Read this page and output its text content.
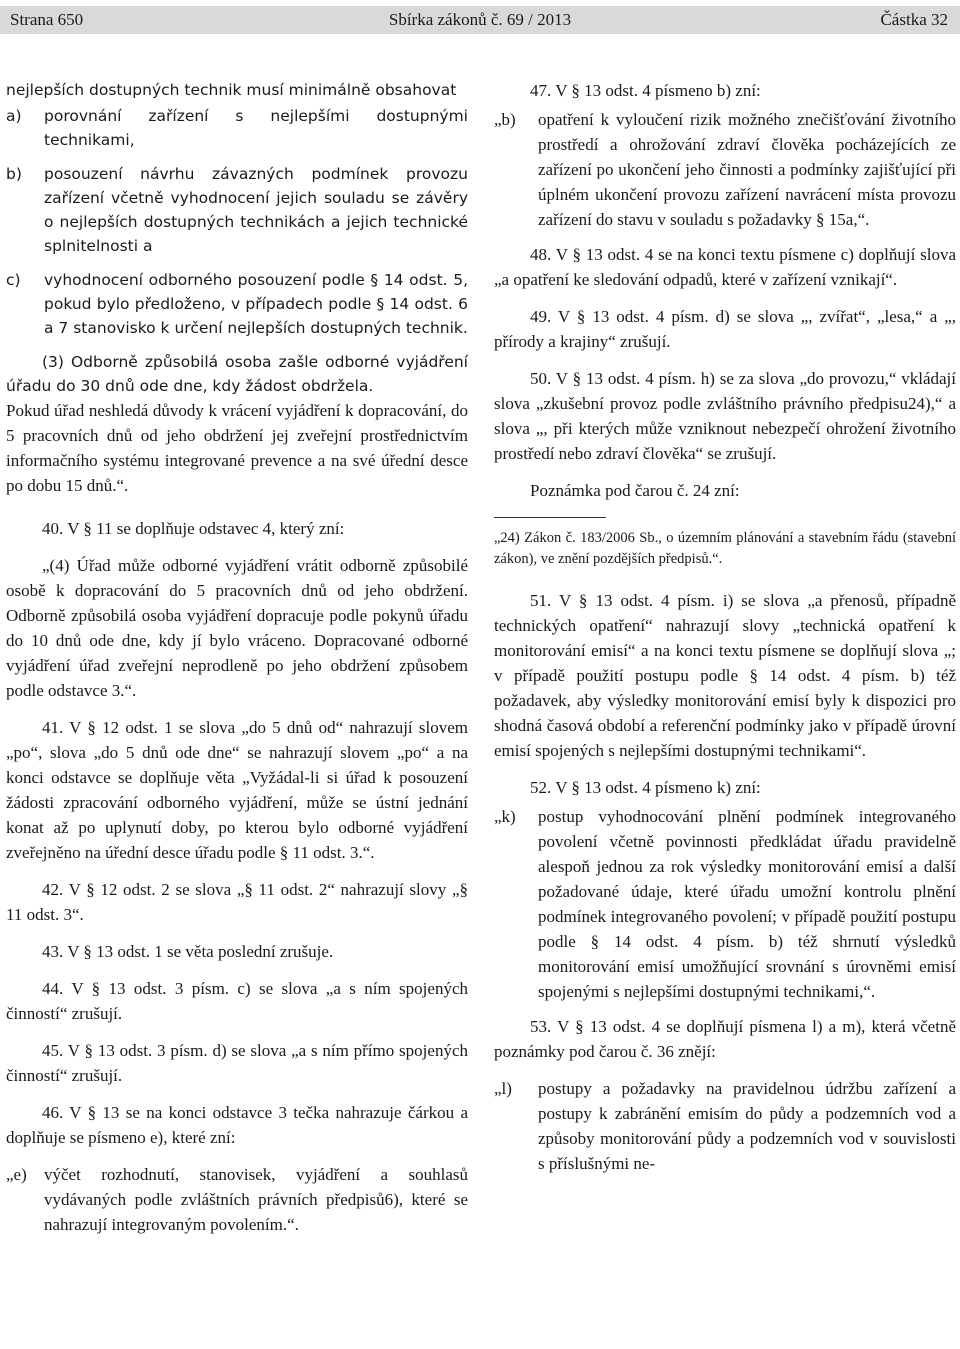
Strana 650	Sbírka zákonů č. 69 / 2013	Částka 32

nejlepších dostupných technik musí minimálně obsahovat

a) porovnání zařízení s nejlepšími dostupnými technikami,
b) posouzení návrhu závazných podmínek provozu zařízení včetně vyhodnocení jejich souladu se závěry o nejlepších dostupných technikách a jejich technické splnitelnosti a
c) vyhodnocení odborného posouzení podle § 14 odst. 5, pokud bylo předloženo, v případech podle § 14 odst. 6 a 7 stanovisko k určení nejlepších dostupných technik.

(3) Odborně způsobilá osoba zašle odborné vyjádření úřadu do 30 dnů ode dne, kdy žádost obdržela.

Pokud úřad neshledá důvody k vrácení vyjádření k dopracování, do 5 pracovních dnů od jeho obdržení jej zveřejní prostřednictvím informačního systému integrované prevence a na své úřední desce po dobu 15 dnů.“.

40. V § 11 se doplňuje odstavec 4, který zní:

„(4) Úřad může odborné vyjádření vrátit odborně způsobilé osobě k dopracování do 5 pracovních dnů od jeho obdržení. Odborně způsobilá osoba vyjádření dopracuje podle pokynů úřadu do 10 dnů ode dne, kdy jí bylo vráceno. Dopracované odborné vyjádření úřad zveřejní neprodleně po jeho obdržení způsobem podle odstavce 3.“.

41. V § 12 odst. 1 se slova „do 5 dnů od“ nahrazují slovem „po“, slova „do 5 dnů ode dne“ se nahrazují slovem „po“ a na konci odstavce se doplňuje věta „Vyžádal-li si úřad k posouzení žádosti zpracování odborného vyjádření, může se ústní jednání konat až po uplynutí doby, po kterou bylo odborné vyjádření zveřejněno na úřední desce úřadu podle § 11 odst. 3.“.

42. V § 12 odst. 2 se slova „§ 11 odst. 2“ nahrazují slovy „§ 11 odst. 3“.

43. V § 13 odst. 1 se věta poslední zrušuje.

44. V § 13 odst. 3 písm. c) se slova „a s ním spojených činností“ zrušují.

45. V § 13 odst. 3 písm. d) se slova „a s ním přímo spojených činností“ zrušují.

46. V § 13 se na konci odstavce 3 tečka nahrazuje čárkou a doplňuje se písmeno e), které zní:

„e) výčet rozhodnutí, stanovisek, vyjádření a souhlasů vydávaných podle zvláštních právních předpisů6), které se nahrazují integrovaným povolením.“.

47. V § 13 odst. 4 písmeno b) zní:

„b) opatření k vyloučení rizik možného znečišťování životního prostředí a ohrožování zdraví člověka pocházejících ze zařízení po ukončení jeho činnosti a podmínky zajišťující při úplném ukončení provozu zařízení navrácení místa provozu zařízení do stavu v souladu s požadavky § 15a,“.

48. V § 13 odst. 4 se na konci textu písmene c) doplňují slova „a opatření ke sledování odpadů, které v zařízení vznikají“.

49. V § 13 odst. 4 písm. d) se slova „, zvířat“, „lesa,“ a „, přírody a krajiny“ zrušují.

50. V § 13 odst. 4 písm. h) se za slova „do provozu,“ vkládají slova „zkušební provoz podle zvláštního právního předpisu24),“ a slova „, při kterých může vzniknout nebezpečí ohrožení životního prostředí nebo zdraví člověka“ se zrušují.

Poznámka pod čarou č. 24 zní:

„24) Zákon č. 183/2006 Sb., o územním plánování a stavebním řádu (stavební zákon), ve znění pozdějších předpisů.“.

51. V § 13 odst. 4 písm. i) se slova „a přenosů, případně technických opatření“ nahrazují slovy „technická opatření k monitorování emisí“ a na konci textu písmene se doplňují slova „; v případě použití postupu podle § 14 odst. 4 písm. b) též požadavek, aby výsledky monitorování emisí byly k dispozici pro shodná časová období a referenční podmínky jako v případě úrovní emisí spojených s nejlepšími dostupnými technikami“.

52. V § 13 odst. 4 písmeno k) zní:

„k) postup vyhodnocování plnění podmínek integrovaného povolení včetně povinnosti předkládat úřadu pravidelně alespoň jednou za rok výsledky monitorování emisí a další požadované údaje, které úřadu umožní kontrolu plnění podmínek integrovaného povolení; v případě použití postupu podle § 14 odst. 4 písm. b) též shrnutí výsledků monitorování emisí umožňující srovnání s úrovněmi emisí spojenými s nejlepšími dostupnými technikami,“.

53. V § 13 odst. 4 se doplňují písmena l) a m), která včetně poznámky pod čarou č. 36 znějí:

„l) postupy a požadavky na pravidelnou údržbu zařízení a postupy k zabránění emisím do půdy a podzemních vod a způsoby monitorování půdy a podzemních vod v souvislosti s příslušnými ne-
